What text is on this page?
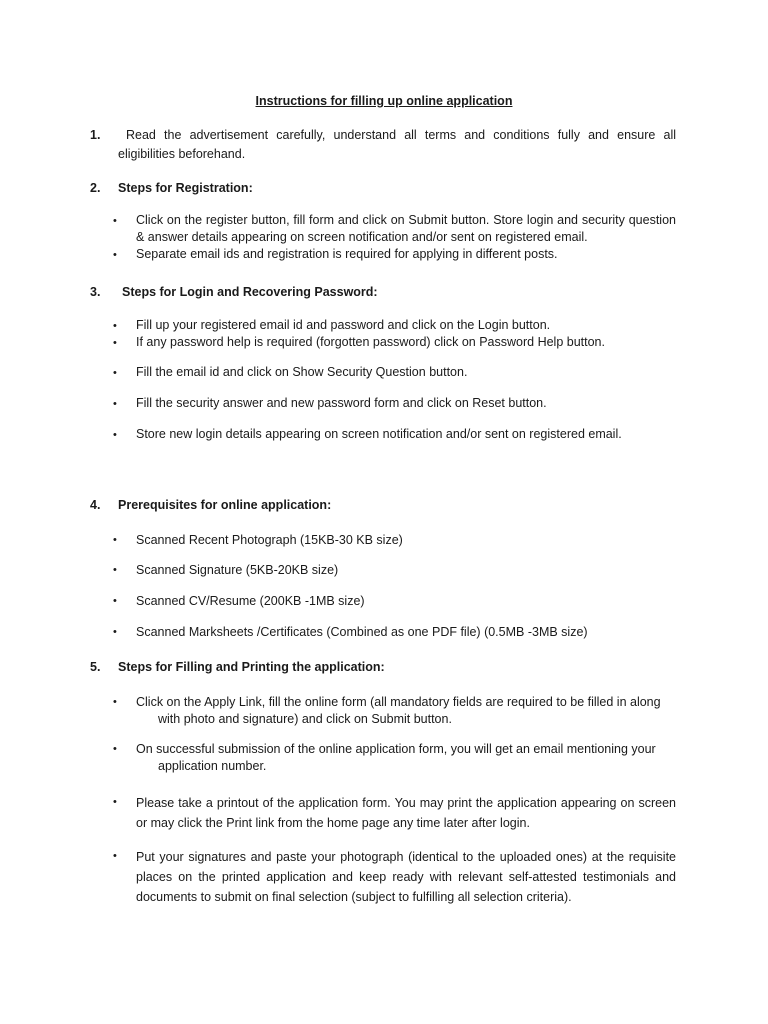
Instructions for filling up online application
1.	Read the advertisement carefully, understand all terms and conditions fully and ensure all eligibilities beforehand.
2. Steps for Registration:
• Click on the register button, fill form and click on Submit button. Store login and security question & answer details appearing on screen notification and/or sent on registered email.
• Separate email ids and registration is required for applying in different posts.
3. Steps for Login and Recovering Password:
• Fill up your registered email id and password and click on the Login button.
• If any password help is required (forgotten password) click on Password Help button.
• Fill the email id and click on Show Security Question button.
• Fill the security answer and new password form and click on Reset button.
• Store new login details appearing on screen notification and/or sent on registered email.
4. Prerequisites for online application:
• Scanned Recent Photograph (15KB-30 KB size)
• Scanned Signature (5KB-20KB size)
• Scanned CV/Resume (200KB -1MB size)
• Scanned Marksheets /Certificates (Combined as one PDF file) (0.5MB -3MB size)
5. Steps for Filling and Printing the application:
• Click on the Apply Link, fill the online form (all mandatory fields are required to be filled in along
with photo and signature) and click on Submit button.
• On successful submission of the online application form, you will get an email mentioning your
application number.
• Please take a printout of the application form. You may print the application appearing on screen or may click the Print link from the home page any time later after login.
• Put your signatures and paste your photograph (identical to the uploaded ones) at the requisite places on the printed application and keep ready with relevant self-attested testimonials and documents to submit on final selection (subject to fulfilling all selection criteria).
